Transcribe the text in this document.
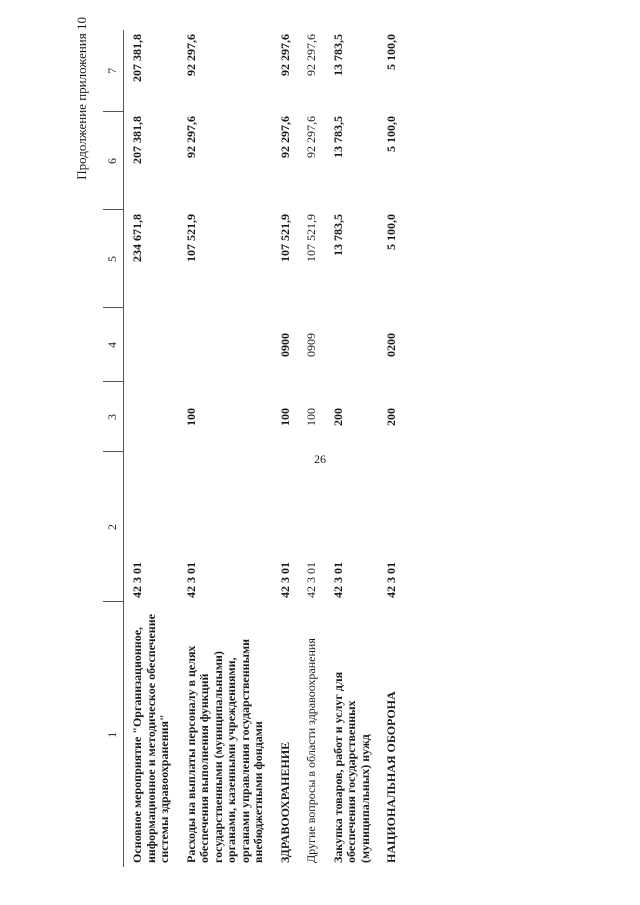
26
Продолжение приложения 10
1	2	3	4	5	6	7
Основное мероприятие "Организационное, информационное и методическое обеспечение системы здравоохранения"	42 3 01			234 671,8	207 381,8	207 381,8
Расходы на выплаты персоналу в целях обеспечения выполнения функций государственными (муниципальными) органами, казенными учреждениями, органами управления государственными внебюджетными фондами	42 3 01	100		107 521,9	92 297,6	92 297,6
ЗДРАВООХРАНЕНИЕ	42 3 01	100	0900	107 521,9	92 297,6	92 297,6
Другие вопросы в области здравоохранения	42 3 01	100	0909	107 521,9	92 297,6	92 297,6
Закупка товаров, работ и услуг для обеспечения государственных (муниципальных) нужд	42 3 01	200		13 783,5	13 783,5	13 783,5
НАЦИОНАЛЬНАЯ ОБОРОНА	42 3 01	200	0200	5 100,0	5 100,0	5 100,0
